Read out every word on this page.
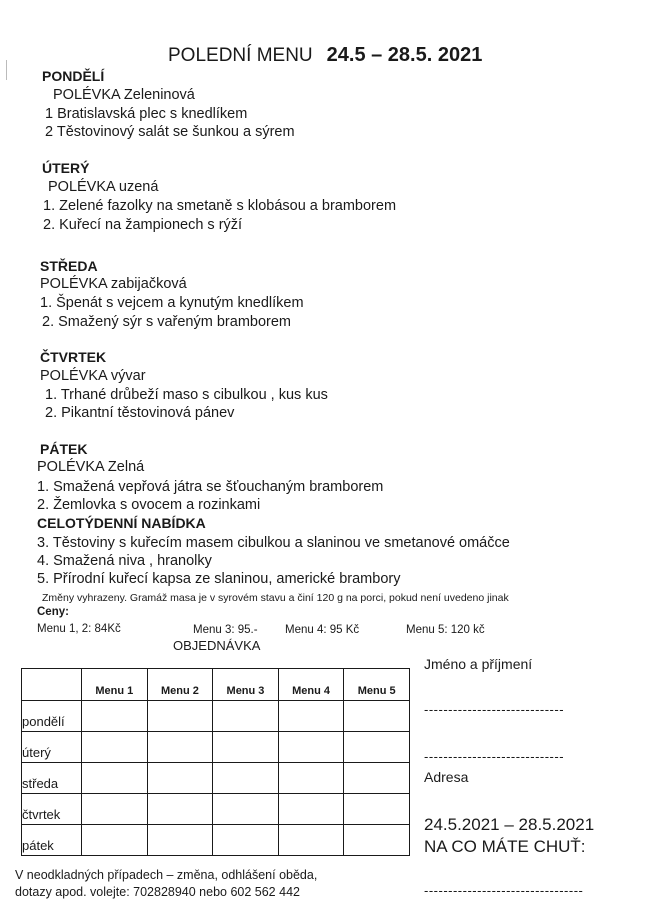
POLEDNÍ MENU 24.5 – 28.5. 2021
PONDĚLÍ
POLÉVKA Zeleninová
1 Bratislavská plec s knedlíkem
2 Těstovinový salát se šunkou a sýrem
ÚTERÝ
POLÉVKA uzená
1. Zelené fazolky na smetaně s klobásou a bramborem
2. Kuřecí na žampionech s rýží
STŘEDA
POLÉVKA zabijačková
1. Špenát s vejcem a kynutým knedlíkem
2. Smažený sýr s vařeným bramborem
ČTVRTEK
POLÉVKA vývar
1. Trhané drůbeží maso s cibulkou , kus kus
2. Pikantní těstovinová pánev
PÁTEK
POLÉVKA Zelná
1. Smažená vepřová játra se šťouchaným bramborem
2. Žemlovka s ovocem a rozinkami
CELOTÝDENNÍ NABÍDKA
3. Těstoviny s kuřecím masem cibulkou a slaninou ve smetanové omáčce
4. Smažená niva , hranolky
5. Přírodní kuřecí kapsa ze slaninou, americké brambory
Změny vyhrazeny. Gramáž masa je v syrovém stavu a činí 120 g na porci, pokud není uvedeno jinak
Ceny:
Menu 1, 2: 84Kč	Menu 3: 95.- Menu 4: 95 Kč	Menu 5: 120 kč
OBJEDNÁVKA
	Menu 1	Menu 2	Menu 3	Menu 4	Menu 5
pondělí					
úterý					
středa					
čtvrtek					
pátek					
Jméno a příjmení
-----------------------------
-----------------------------
Adresa
24.5.2021 – 28.5.2021
NA CO MÁTE CHUŤ:
---------------------------------
V neodkladných případech – změna, odhlášení oběda,
dotazy apod. volejte: 702828940 nebo 602 562 442
